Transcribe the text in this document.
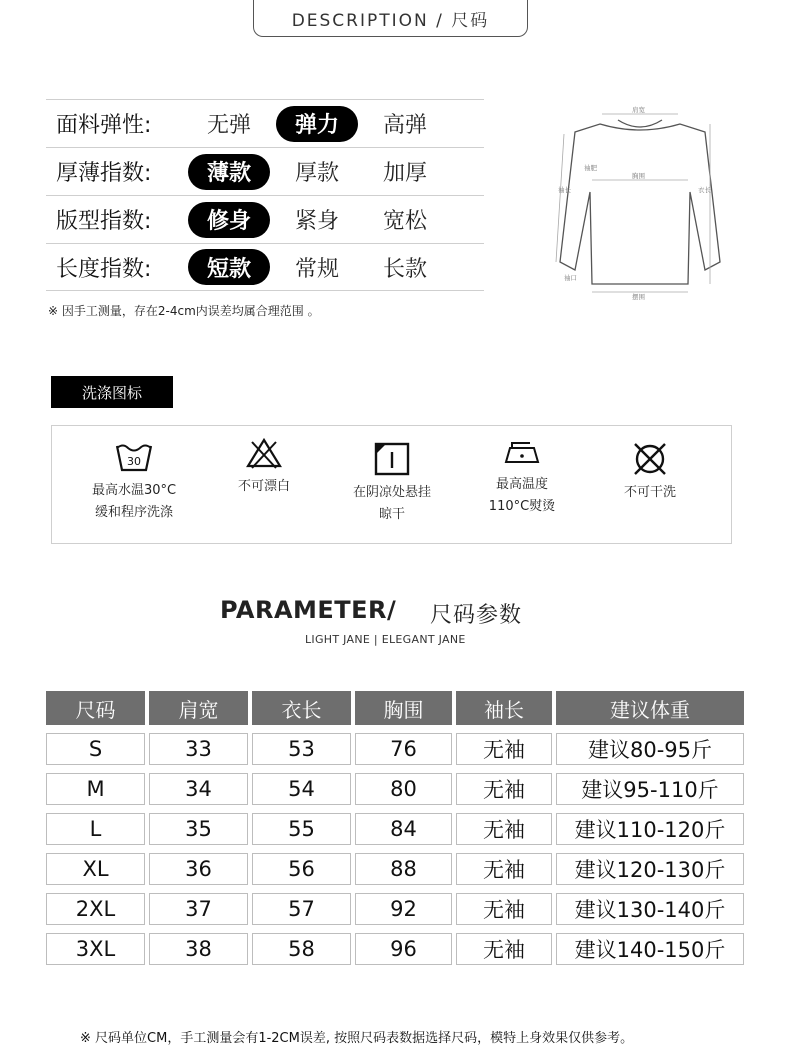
DESCRIPTION / 尺码
面料弹性:	无弹	弹力	高弹
厚薄指数:	薄款	厚款	加厚
版型指数:	修身	紧身	宽松
长度指数:	短款	常规	长款
※ 因手工测量，存在2-4cm内误差均属合理范围 。
肩宽
胸围
摆围
衣长
袖长
袖肥
袖口
洗涤图标
30
最高水温30°C
缓和程序洗涤
不可漂白	在阴凉处悬挂
晾干
最高温度
110°C熨烫
不可干洗
PARAMETER/ 尺码参数
LIGHT JANE | ELEGANT JANE
尺码	肩宽	衣长	胸围	袖长	建议体重
S	33	53	76	无袖	建议80-95斤
M	34	54	80	无袖	建议95-110斤
L	35	55	84	无袖	建议110-120斤
XL	36	56	88	无袖	建议120-130斤
2XL	37	57	92	无袖	建议130-140斤
3XL	38	58	96	无袖	建议140-150斤
※ 尺码单位CM，手工测量会有1-2CM误差, 按照尺码表数据选择尺码，模特上身效果仅供参考。
